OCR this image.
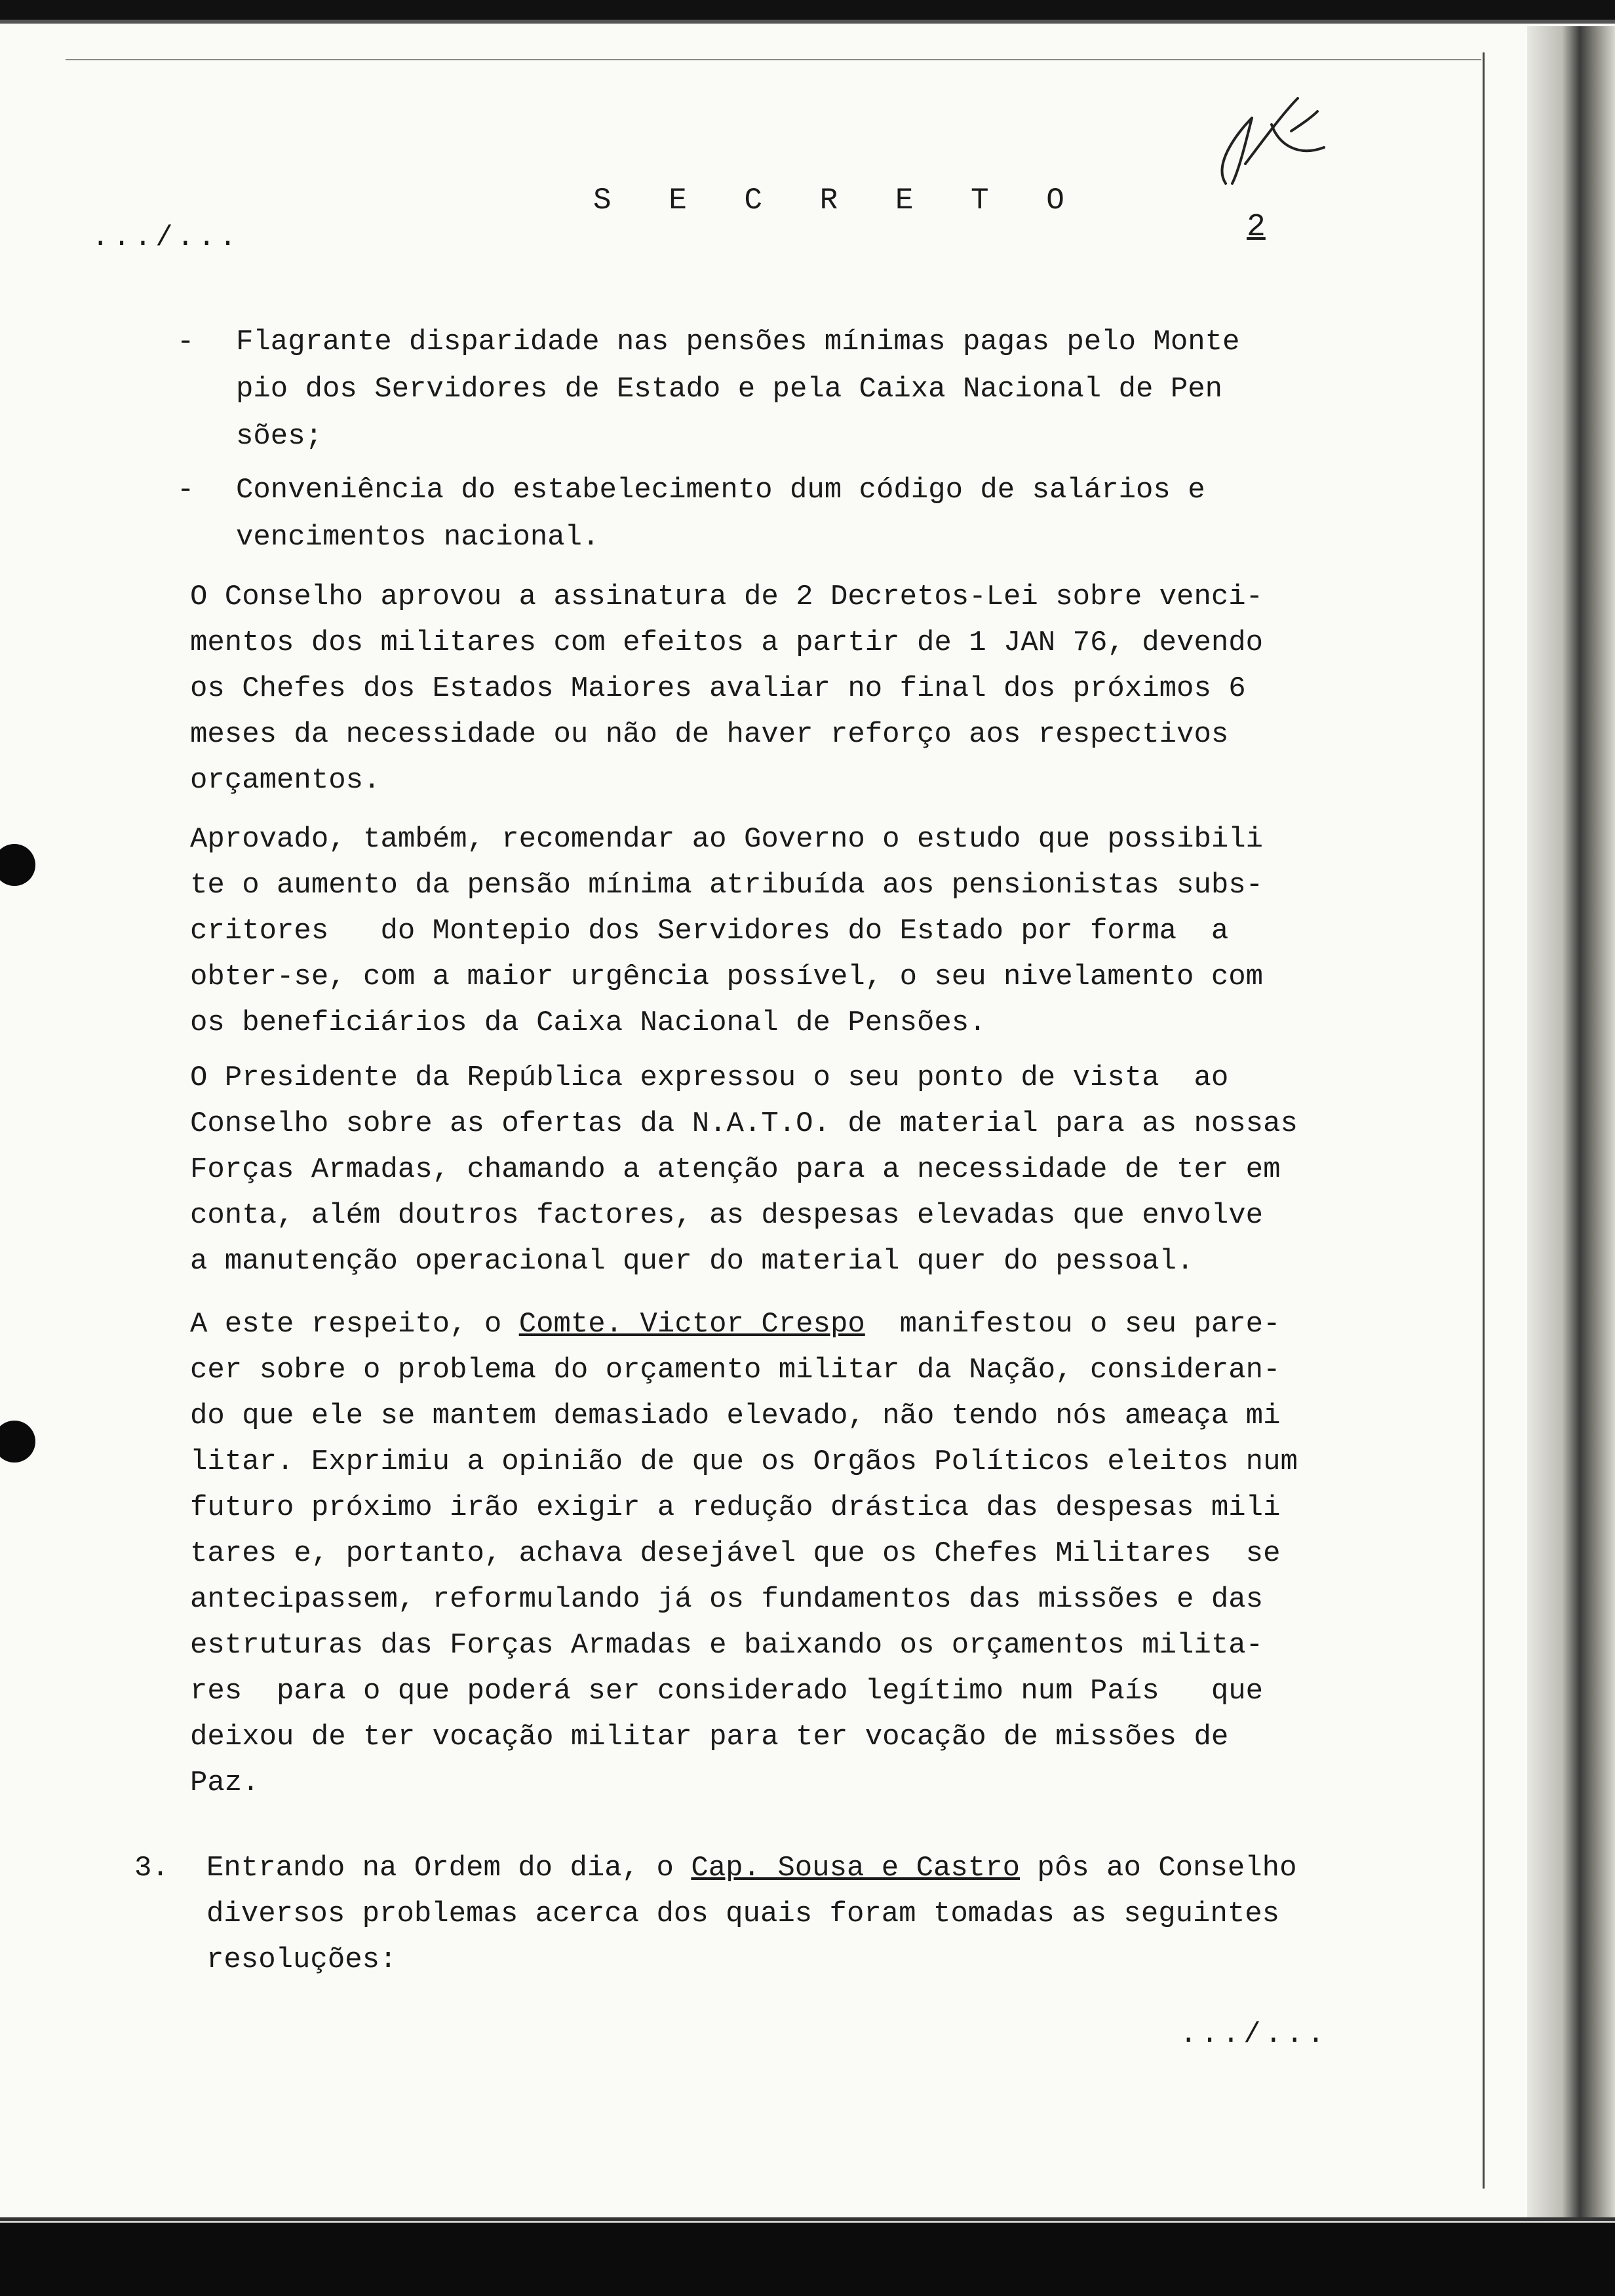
S E C R E T O
.../...	2
-	Flagrante disparidade nas pensões mínimas pagas pelo Monte
pio dos Servidores de Estado e pela Caixa Nacional de Pen
sões;
-	Conveniência do estabelecimento dum código de salários e
vencimentos nacional.
O Conselho aprovou a assinatura de 2 Decretos-Lei sobre venci-
mentos dos militares com efeitos a partir de 1 JAN 76, devendo
os Chefes dos Estados Maiores avaliar no final dos próximos 6
meses da necessidade ou não de haver reforço aos respectivos
orçamentos.
Aprovado, também, recomendar ao Governo o estudo que possibili
te o aumento da pensão mínima atribuída aos pensionistas subs-
critores   do Montepio dos Servidores do Estado por forma  a
obter-se, com a maior urgência possível, o seu nivelamento com
os beneficiários da Caixa Nacional de Pensões.
O Presidente da República expressou o seu ponto de vista  ao
Conselho sobre as ofertas da N.A.T.O. de material para as nossas
Forças Armadas, chamando a atenção para a necessidade de ter em
conta, além doutros factores, as despesas elevadas que envolve
a manutenção operacional quer do material quer do pessoal.
A este respeito, o Comte. Victor Crespo  manifestou o seu pare-
cer sobre o problema do orçamento militar da Nação, consideran-
do que ele se mantem demasiado elevado, não tendo nós ameaça mi
litar. Exprimiu a opinião de que os Orgãos Políticos eleitos num
futuro próximo irão exigir a redução drástica das despesas mili
tares e, portanto, achava desejável que os Chefes Militares  se
antecipassem, reformulando já os fundamentos das missões e das
estruturas das Forças Armadas e baixando os orçamentos milita-
res  para o que poderá ser considerado legítimo num País   que
deixou de ter vocação militar para ter vocação de missões de
Paz.
3. Entrando na Ordem do dia, o Cap. Sousa e Castro pôs ao Conselho
diversos problemas acerca dos quais foram tomadas as seguintes
resoluções:
.../...
